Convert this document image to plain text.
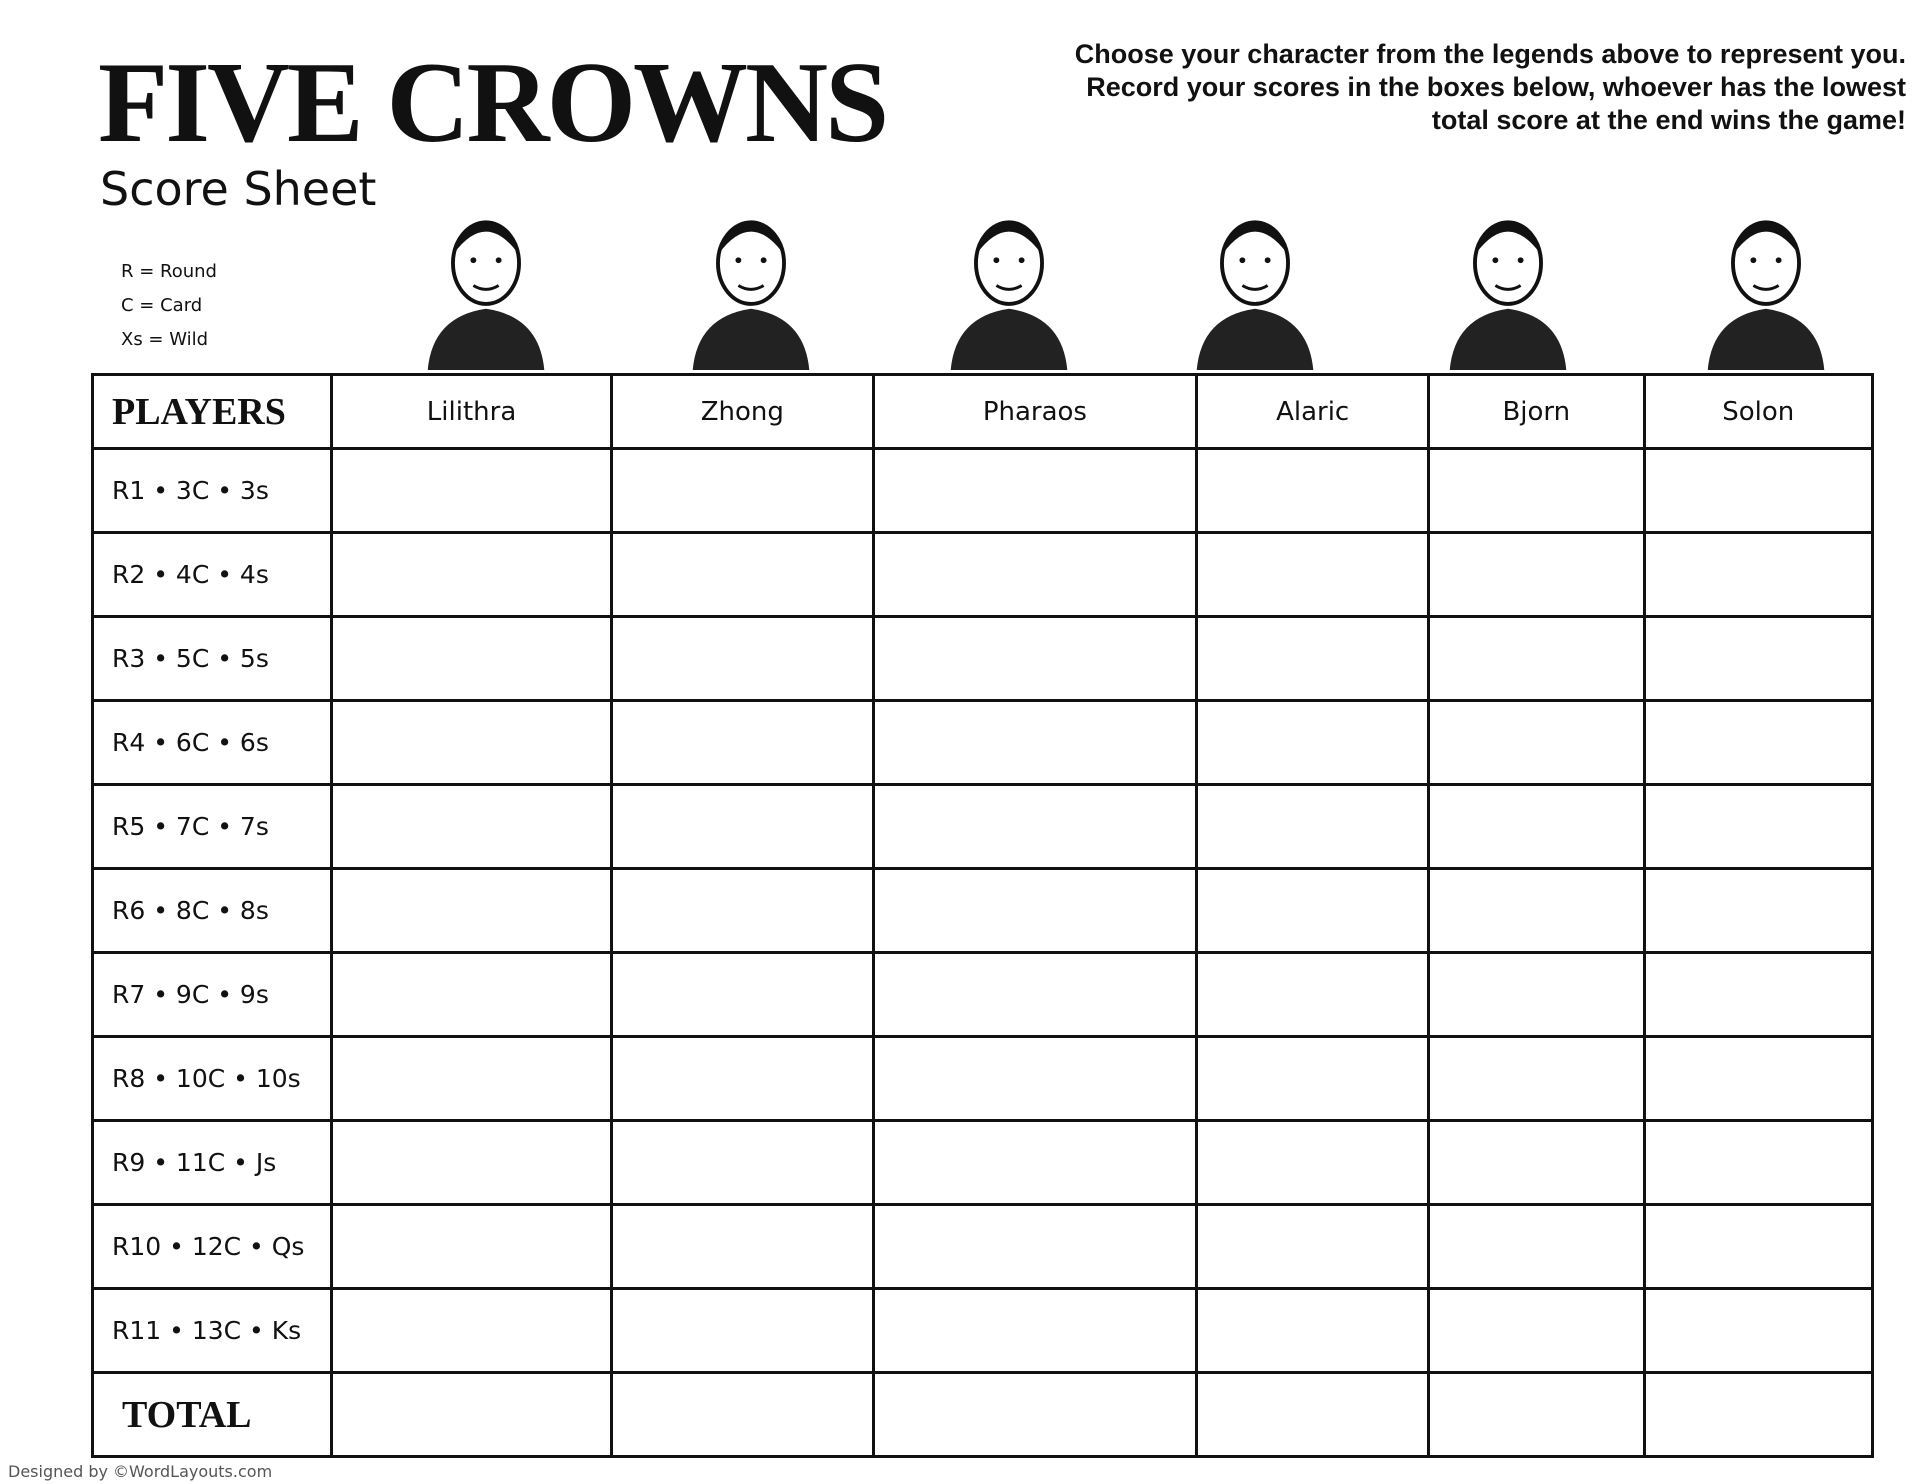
FIVE CROWNS
Score Sheet
Choose your character from the legends above to represent you. Record your scores in the boxes below, whoever has the lowest total score at the end wins the game!
R = Round
C = Card
Xs = Wild
PLAYERS	Lilithra	Zhong	Pharaos	Alaric	Bjorn	Solon
R1 • 3C • 3s						
R2 • 4C • 4s						
R3 • 5C • 5s						
R4 • 6C • 6s						
R5 • 7C • 7s						
R6 • 8C • 8s						
R7 • 9C • 9s						
R8 • 10C • 10s						
R9 • 11C • Js						
R10 • 12C • Qs						
R11 • 13C • Ks						
TOTAL						
Designed by ©WordLayouts.com
